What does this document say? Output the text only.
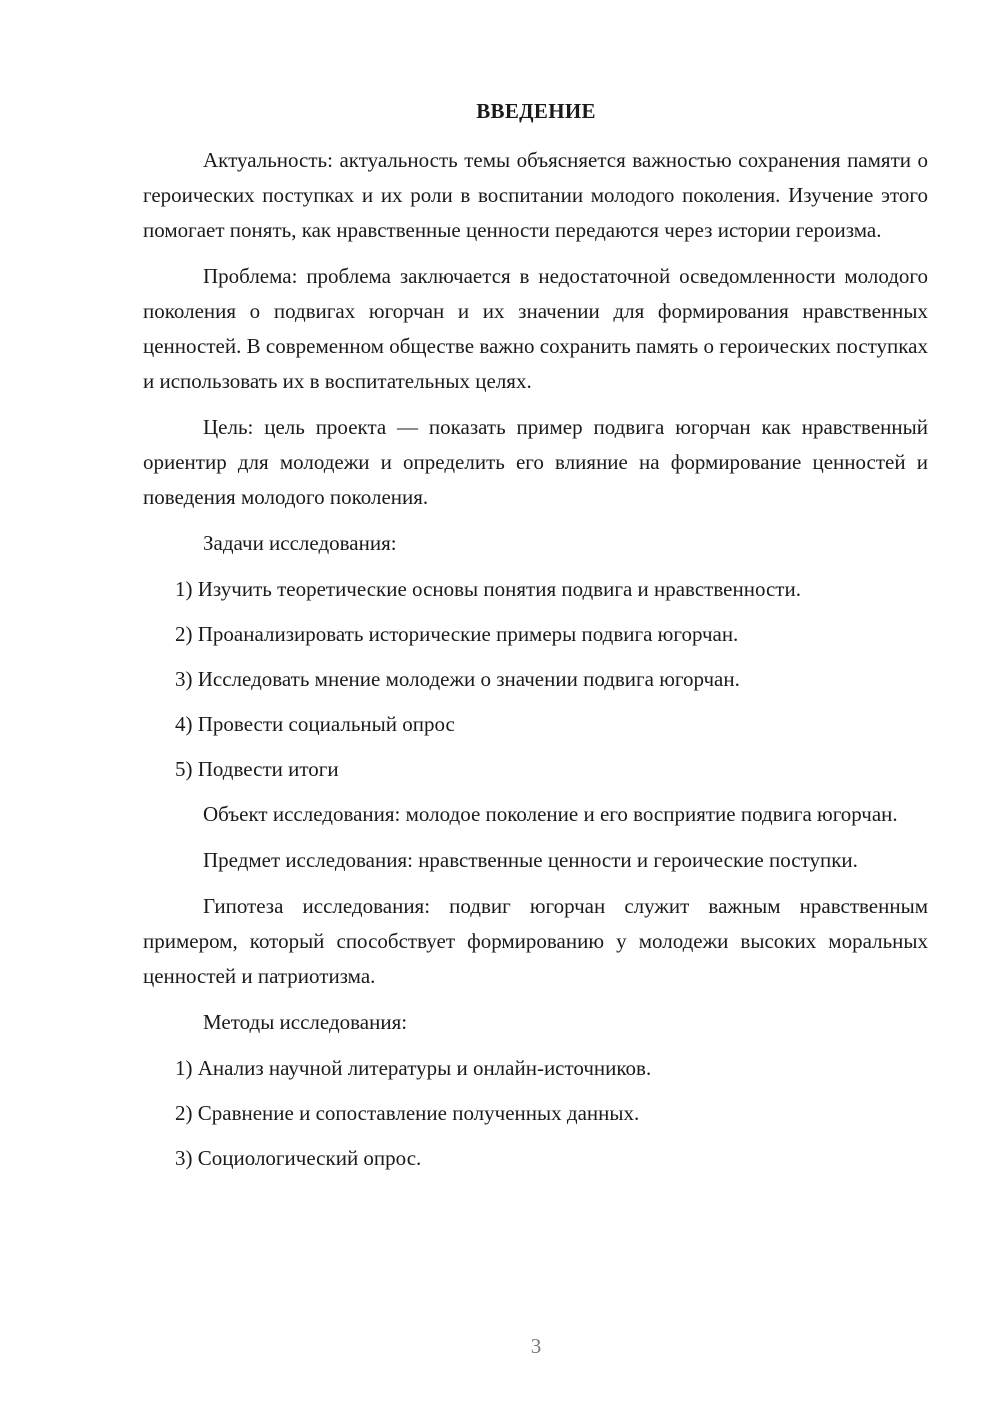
ВВЕДЕНИЕ

Актуальность: актуальность темы объясняется важностью сохранения памяти о героических поступках и их роли в воспитании молодого поколения. Изучение этого помогает понять, как нравственные ценности передаются через истории героизма.

Проблема: проблема заключается в недостаточной осведомленности молодого поколения о подвигах югорчан и их значении для формирования нравственных ценностей. В современном обществе важно сохранить память о героических поступках и использовать их в воспитательных целях.

Цель: цель проекта — показать пример подвига югорчан как нравственный ориентир для молодежи и определить его влияние на формирование ценностей и поведения молодого поколения.

Задачи исследования:

1) Изучить теоретические основы понятия подвига и нравственности.

2) Проанализировать исторические примеры подвига югорчан.

3) Исследовать мнение молодежи о значении подвига югорчан.

4) Провести социальный опрос

5) Подвести итоги

Объект исследования: молодое поколение и его восприятие подвига югорчан.

Предмет исследования: нравственные ценности и героические поступки.

Гипотеза исследования: подвиг югорчан служит важным нравственным примером, который способствует формированию у молодежи высоких моральных ценностей и патриотизма.

Методы исследования:

1) Анализ научной литературы и онлайн-источников.

2) Сравнение и сопоставление полученных данных.

3) Социологический опрос.

3
